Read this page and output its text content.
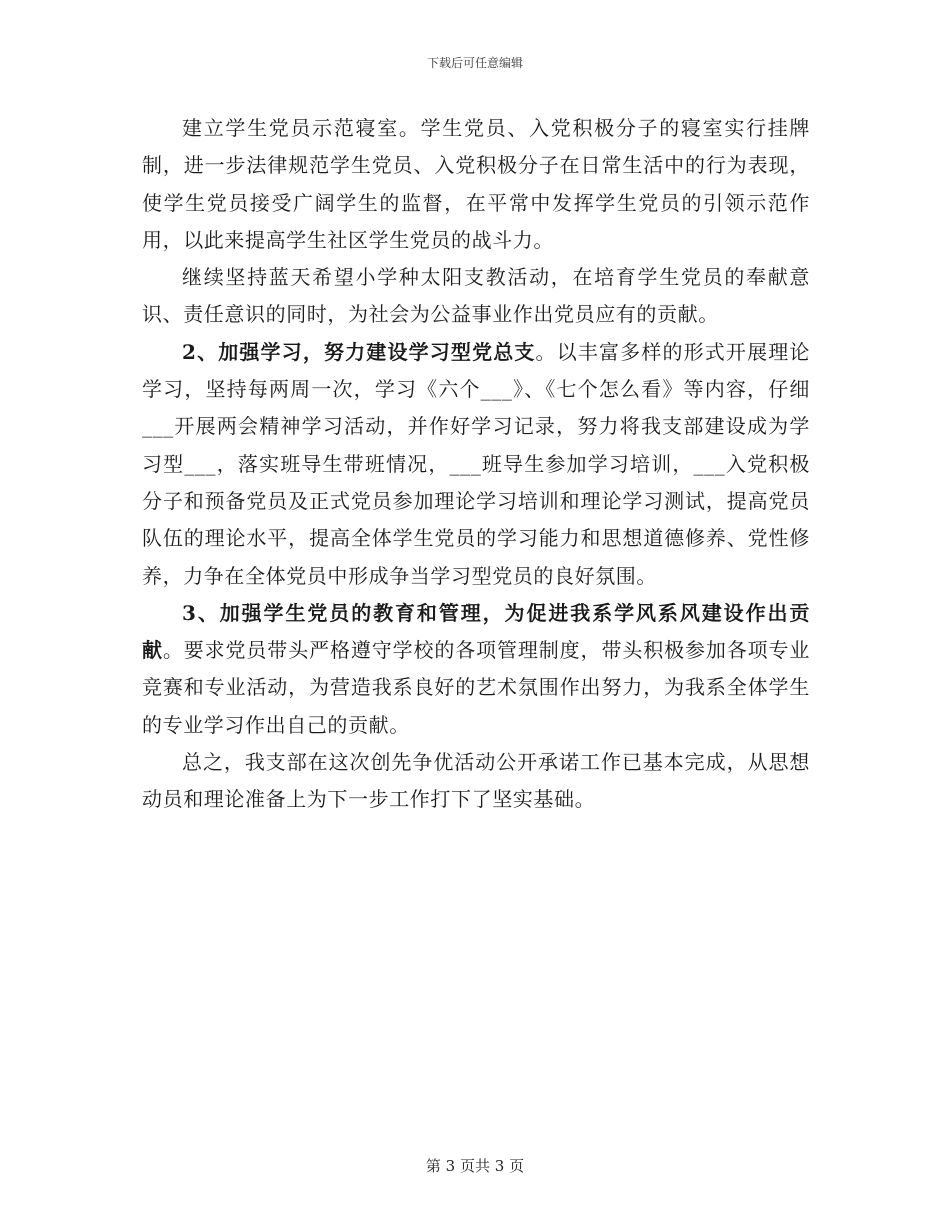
下载后可任意编辑

建立学生党员示范寝室。学生党员、入党积极分子的寝室实行挂牌制，进一步法律规范学生党员、入党积极分子在日常生活中的行为表现，使学生党员接受广阔学生的监督，在平常中发挥学生党员的引领示范作用，以此来提高学生社区学生党员的战斗力。

继续坚持蓝天希望小学种太阳支教活动，在培育学生党员的奉献意识、责任意识的同时，为社会为公益事业作出党员应有的贡献。

2、加强学习，努力建设学习型党总支。以丰富多样的形式开展理论学习，坚持每两周一次，学习《六个___》、《七个怎么看》等内容，仔细___开展两会精神学习活动，并作好学习记录，努力将我支部建设成为学习型___，落实班导生带班情况，___班导生参加学习培训，___入党积极分子和预备党员及正式党员参加理论学习培训和理论学习测试，提高党员队伍的理论水平，提高全体学生党员的学习能力和思想道德修养、党性修养，力争在全体党员中形成争当学习型党员的良好氛围。

3、加强学生党员的教育和管理，为促进我系学风系风建设作出贡献。要求党员带头严格遵守学校的各项管理制度，带头积极参加各项专业竞赛和专业活动，为营造我系良好的艺术氛围作出努力，为我系全体学生的专业学习作出自己的贡献。

总之，我支部在这次创先争优活动公开承诺工作已基本完成，从思想动员和理论准备上为下一步工作打下了坚实基础。

第 3 页共 3 页
